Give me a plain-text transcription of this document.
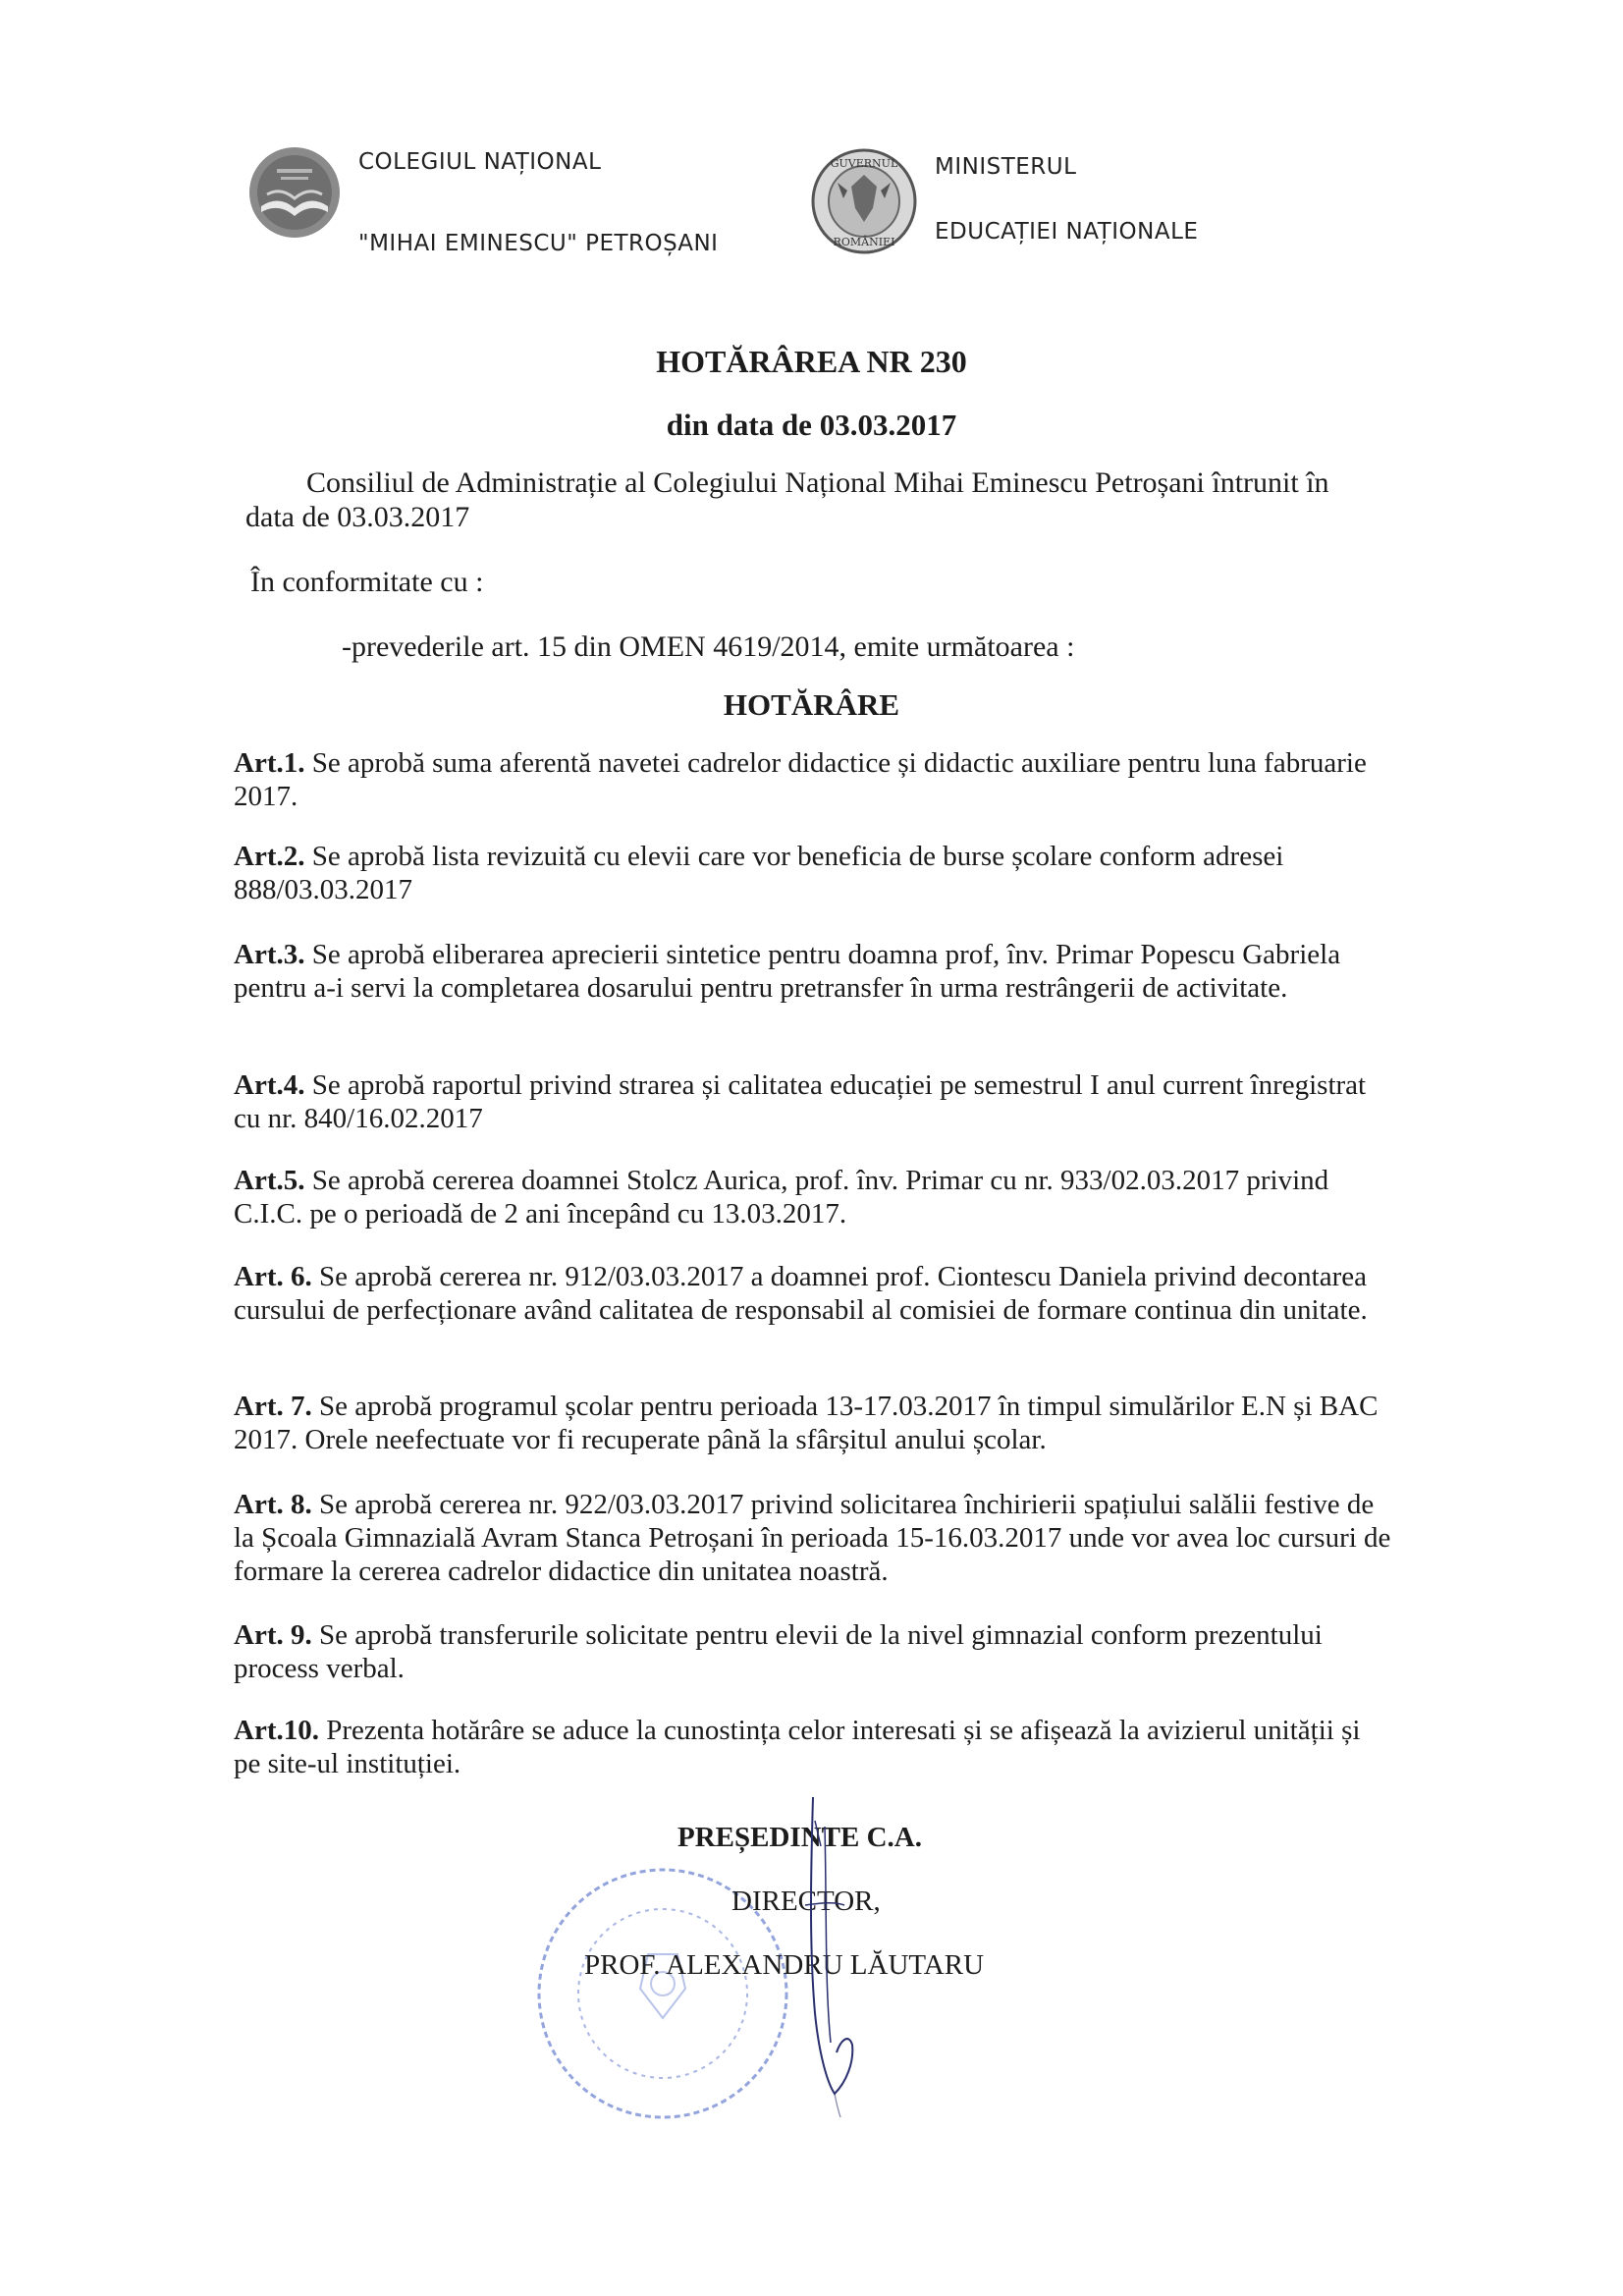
COLEGIUL NAȚIONAL
"MIHAI EMINESCU" PETROȘANI
GUVERNUL
ROMÂNIEI
MINISTERUL
EDUCAȚIEI NAȚIONALE
HOTĂRÂREA NR 230
din data de 03.03.2017
Consiliul de Administrație al Colegiului Național Mihai Eminescu Petroșani întrunit în
data de 03.03.2017
În conformitate cu :
-prevederile art. 15 din OMEN 4619/2014, emite următoarea :
HOTĂRÂRE
Art.1. Se aprobă suma aferentă navetei cadrelor didactice și didactic auxiliare pentru luna fabruarie 2017.
Art.2. Se aprobă lista revizuită cu elevii care vor beneficia de burse școlare conform adresei 888/03.03.2017
Art.3. Se aprobă eliberarea aprecierii sintetice pentru doamna prof, înv. Primar Popescu Gabriela pentru a-i servi la completarea dosarului pentru pretransfer în urma restrângerii de activitate.
Art.4. Se aprobă raportul privind strarea și calitatea educației pe semestrul I anul current înregistrat cu nr. 840/16.02.2017
Art.5. Se aprobă cererea doamnei Stolcz Aurica, prof. înv. Primar cu nr. 933/02.03.2017 privind C.I.C. pe o perioadă de 2 ani începând cu 13.03.2017.
Art. 6. Se aprobă cererea nr. 912/03.03.2017 a doamnei prof. Ciontescu Daniela privind decontarea cursului de perfecționare având calitatea de responsabil al comisiei de formare continua din unitate.
Art. 7. Se aprobă programul școlar pentru perioada 13-17.03.2017 în timpul simulărilor E.N și BAC 2017. Orele neefectuate vor fi recuperate până la sfârșitul anului școlar.
Art. 8. Se aprobă cererea nr. 922/03.03.2017 privind solicitarea închirierii spațiului salălii festive de la Școala Gimnazială Avram Stanca Petroșani în perioada 15-16.03.2017 unde vor avea loc cursuri de formare la cererea cadrelor didactice din unitatea noastră.
Art. 9. Se aprobă transferurile solicitate pentru elevii de la nivel gimnazial conform prezentului process verbal.
Art.10. Prezenta hotărâre se aduce la cunostința celor interesati și se afișează la avizierul unității și pe site-ul instituției.
PREȘEDINTE C.A.
DIRECTOR,
PROF. ALEXANDRU LĂUTARU
